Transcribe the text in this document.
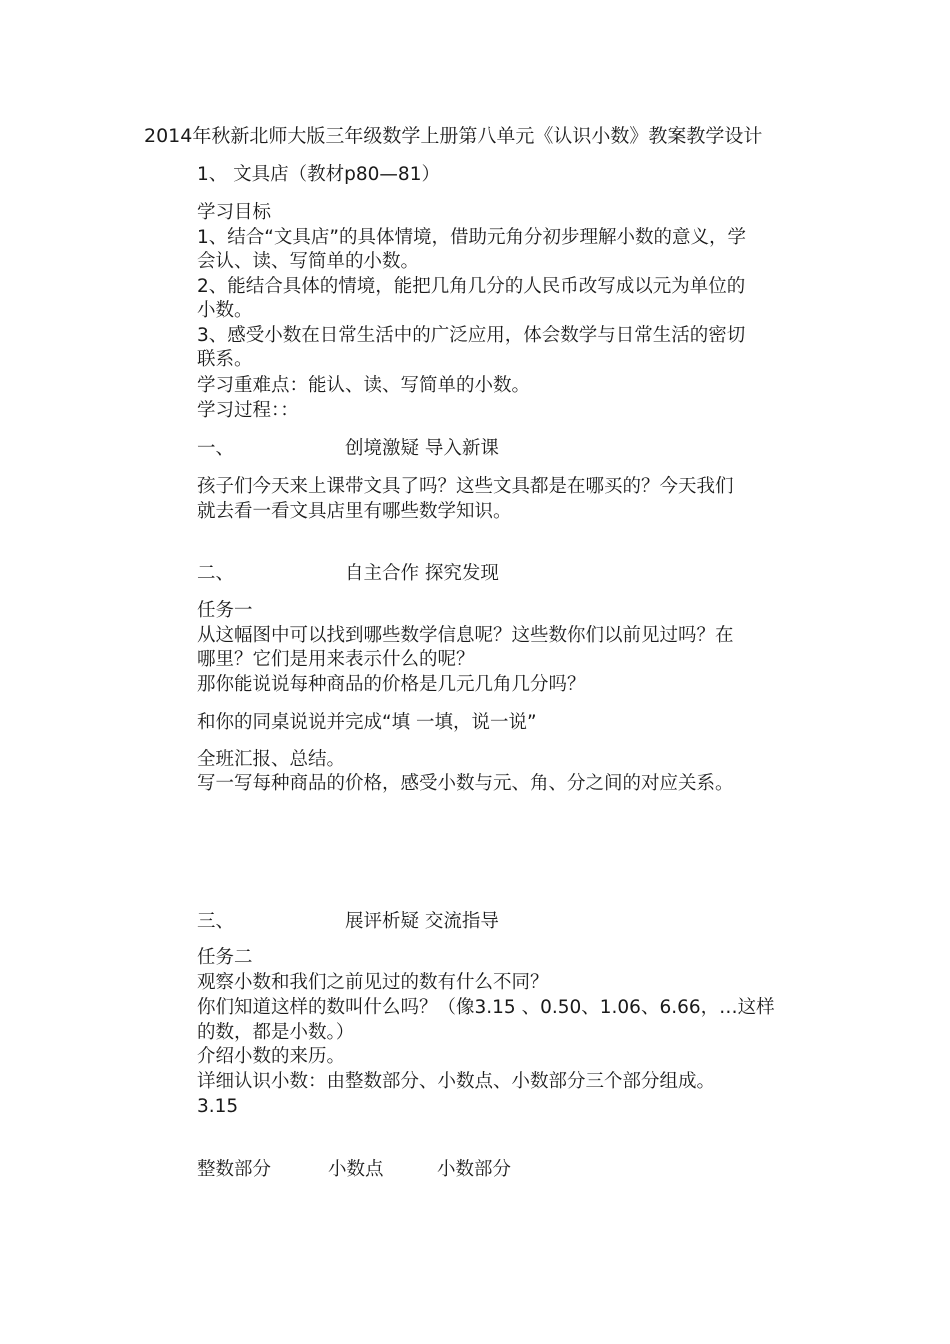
2014年秋新北师大版三年级数学上册第八单元《认识小数》教案教学设计
1、 文具店（教材p80—81）
学习目标
1、结合“文具店”的具体情境，借助元角分初步理解小数的意义，学
会认、读、写简单的小数。
2、能结合具体的情境，能把几角几分的人民币改写成以元为单位的
小数。
3、感受小数在日常生活中的广泛应用，体会数学与日常生活的密切
联系。
学习重难点：能认、读、写简单的小数。
学习过程：：
一、	创境激疑 导入新课
孩子们今天来上课带文具了吗？这些文具都是在哪买的？今天我们
就去看一看文具店里有哪些数学知识。
二、	自主合作 探究发现
任务一
从这幅图中可以找到哪些数学信息呢？这些数你们以前见过吗？在
哪里？它们是用来表示什么的呢？
那你能说说每种商品的价格是几元几角几分吗？
和你的同桌说说并完成“填 一填，说一说”
全班汇报、总结。
写一写每种商品的价格，感受小数与元、角、分之间的对应关系。
三、	展评析疑 交流指导
任务二
观察小数和我们之前见过的数有什么不同？
你们知道这样的数叫什么吗？（像3.15 、0.50、1.06、6.66，…这样
的数，都是小数。）
介绍小数的来历。
详细认识小数：由整数部分、小数点、小数部分三个部分组成。
3.15
整数部分	小数点	小数部分
